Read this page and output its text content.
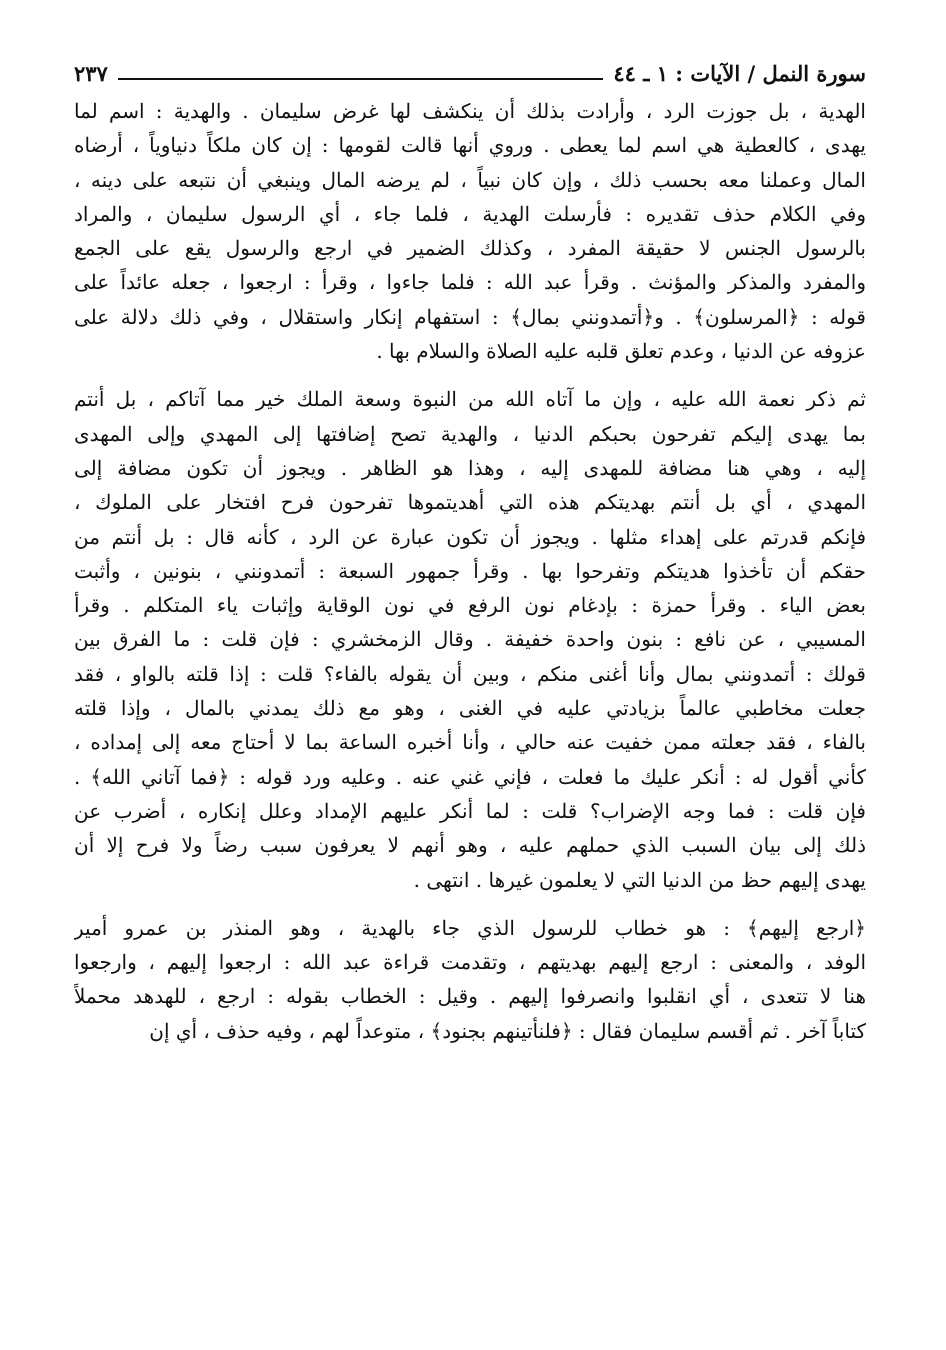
سورة النمل / الآيات : ١ ـ ٤٤
٢٣٧
الهدية ، بل جوزت الرد ، وأرادت بذلك أن ينكشف لها غرض سليمان . والهدية : اسم لما
يهدى ، كالعطية هي اسم لما يعطى . وروي أنها قالت لقومها : إن كان ملكاً دنياوياً ، أرضاه
المال وعملنا معه بحسب ذلك ، وإن كان نبياً ، لم يرضه المال وينبغي أن نتبعه على دينه ،
وفي الكلام حذف تقديره : فأرسلت الهدية ، فلما جاء ، أي الرسول سليمان ، والمراد
بالرسول الجنس لا حقيقة المفرد ، وكذلك الضمير في ارجع والرسول يقع على الجمع
والمفرد والمذكر والمؤنث . وقرأ عبد الله : فلما جاءوا ، وقرأ : ارجعوا ، جعله عائداً على
قوله : ﴿المرسلون﴾ . و﴿أتمدونني بمال﴾ : استفهام إنكار واستقلال ، وفي ذلك دلالة على
عزوفه عن الدنيا ، وعدم تعلق قلبه عليه الصلاة والسلام بها .
ثم ذكر نعمة الله عليه ، وإن ما آتاه الله من النبوة وسعة الملك خير مما آتاكم ، بل أنتم
بما يهدى إليكم تفرحون بحبكم الدنيا ، والهدية تصح إضافتها إلى المهدي وإلى المهدى
إليه ، وهي هنا مضافة للمهدى إليه ، وهذا هو الظاهر . ويجوز أن تكون مضافة إلى
المهدي ، أي بل أنتم بهديتكم هذه التي أهديتموها تفرحون فرح افتخار على الملوك ،
فإنكم قدرتم على إهداء مثلها . ويجوز أن تكون عبارة عن الرد ، كأنه قال : بل أنتم من
حقكم أن تأخذوا هديتكم وتفرحوا بها . وقرأ جمهور السبعة : أتمدونني ، بنونين ، وأثبت
بعض الياء . وقرأ حمزة : بإدغام نون الرفع في نون الوقاية وإثبات ياء المتكلم . وقرأ
المسيبي ، عن نافع : بنون واحدة خفيفة . وقال الزمخشري : فإن قلت : ما الفرق بين
قولك : أتمدونني بمال وأنا أغنى منكم ، وبين أن يقوله بالفاء؟ قلت : إذا قلته بالواو ، فقد
جعلت مخاطبي عالماً بزيادتي عليه في الغنى ، وهو مع ذلك يمدني بالمال ، وإذا قلته
بالفاء ، فقد جعلته ممن خفيت عنه حالي ، وأنا أخبره الساعة بما لا أحتاج معه إلى إمداده ،
كأني أقول له : أنكر عليك ما فعلت ، فإني غني عنه . وعليه ورد قوله : ﴿فما آتاني الله﴾ .
فإن قلت : فما وجه الإضراب؟ قلت : لما أنكر عليهم الإمداد وعلل إنكاره ، أضرب عن
ذلك إلى بيان السبب الذي حملهم عليه ، وهو أنهم لا يعرفون سبب رضاً ولا فرح إلا أن
يهدى إليهم حظ من الدنيا التي لا يعلمون غيرها . انتهى .
﴿ارجع إليهم﴾ : هو خطاب للرسول الذي جاء بالهدية ، وهو المنذر بن عمرو أمير
الوفد ، والمعنى : ارجع إليهم بهديتهم ، وتقدمت قراءة عبد الله : ارجعوا إليهم ، وارجعوا
هنا لا تتعدى ، أي انقلبوا وانصرفوا إليهم . وقيل : الخطاب بقوله : ارجع ، للهدهد محملاً
كتاباً آخر . ثم أقسم سليمان فقال : ﴿فلنأتينهم بجنود﴾ ، متوعداً لهم ، وفيه حذف ، أي إن
